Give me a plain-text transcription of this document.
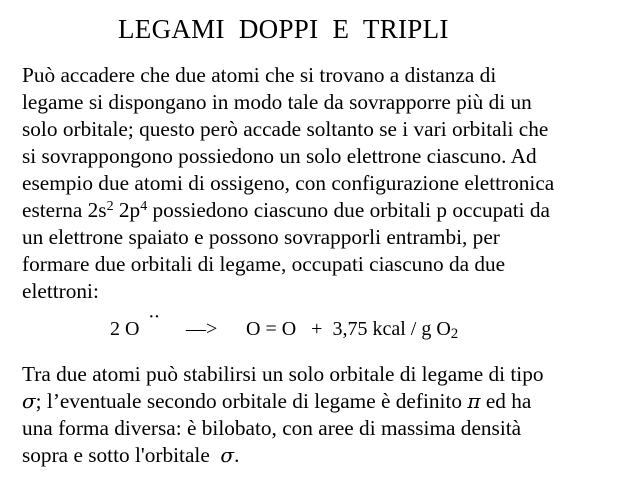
LEGAMI  DOPPI  E  TRIPLI
Può accadere che due atomi che si trovano a distanza di
legame si dispongano in modo tale da sovrapporre più di un
solo orbitale; questo però accade soltanto se i vari orbitali che
si sovrappongono possiedono un solo elettrone ciascuno. Ad
esempio due atomi di ossigeno, con configurazione elettronica
esterna $2s^2$ $2p^4$ possiedono ciascuno due orbitali p occupati da
un elettrone spaiato e possono sovrapporli entrambi, per
formare due orbitali di legame, occupati ciascuno da due
elettroni:

2 O

··

—>

O = O   +  3,75 kcal / g $O_2$

Tra due atomi può stabilirsi un solo orbitale di legame di tipo
σ; l’eventuale secondo orbitale di legame è definito π ed ha
una forma diversa: è bilobato, con aree di massima densità
sopra e sotto l'orbitale  σ.
